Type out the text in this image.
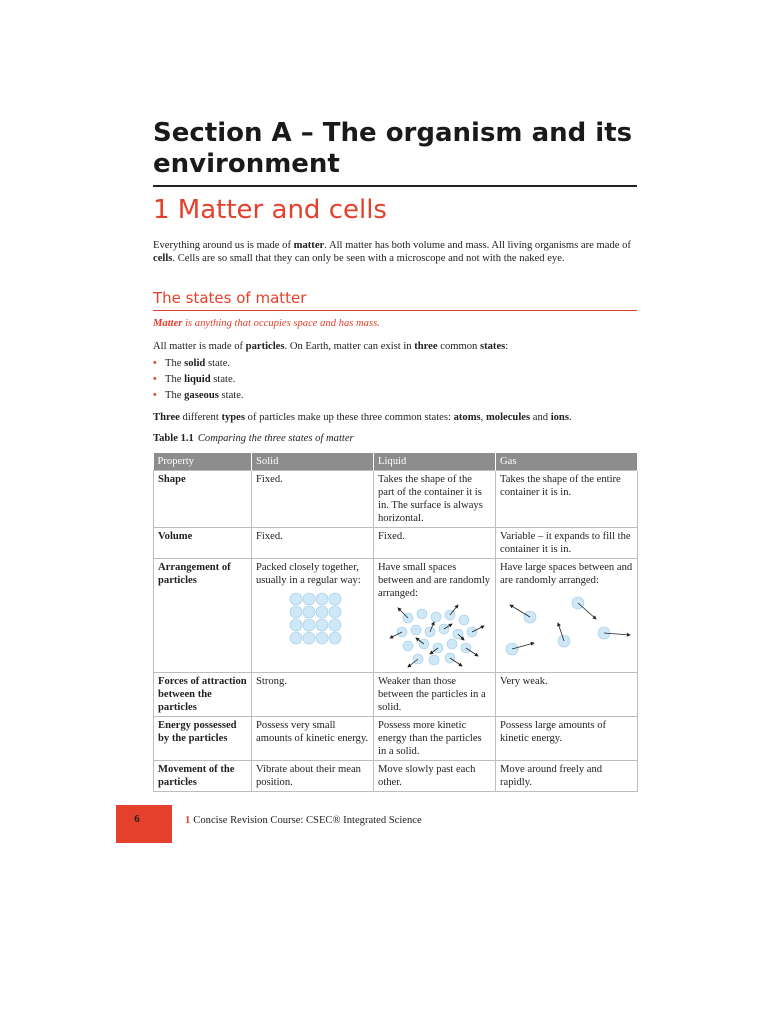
Section A – The organism and its environment
1 Matter and cells

Everything around us is made of matter. All matter has both volume and mass. All living organisms are made of cells. Cells are so small that they can only be seen with a microscope and not with the naked eye.

The states of matter
Matter is anything that occupies space and has mass.

All matter is made of particles. On Earth, matter can exist in three common states:

• The solid state.
• The liquid state.
• The gaseous state.

Three different types of particles make up these three common states: atoms, molecules and ions.

Table 1.1 Comparing the three states of matter
Property	Solid	Liquid	Gas
Shape	Fixed.	Takes the shape of the part of the container it is in. The surface is always horizontal.	Takes the shape of the entire container it is in.
Volume	Fixed.	Fixed.	Variable – it expands to fill the container it is in.
Arrangement of particles	Packed closely together, usually in a regular way:	Have small spaces between and are randomly arranged:	Have large spaces between and are randomly arranged:

Forces of attraction between the particles	Strong.	Weaker than those between the particles in a solid.	Very weak.
Energy possessed by the particles	Possess very small amounts of kinetic energy.	Possess more kinetic energy than the particles in a solid.	Possess large amounts of kinetic energy.
Movement of the particles	Vibrate about their mean position.	Move slowly past each other.	Move around freely and rapidly.
6	1 Concise Revision Course: CSEC® Integrated Science
